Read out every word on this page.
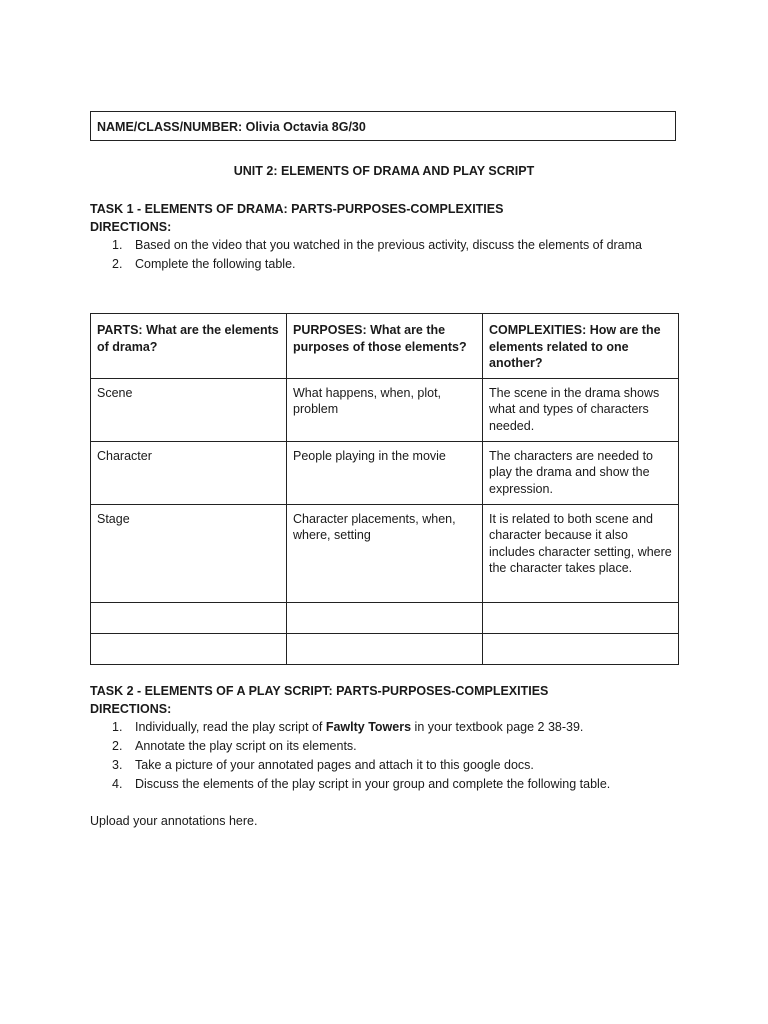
NAME/CLASS/NUMBER: Olivia Octavia 8G/30
UNIT 2: ELEMENTS OF DRAMA AND PLAY SCRIPT
TASK 1 - ELEMENTS OF DRAMA: PARTS-PURPOSES-COMPLEXITIES
DIRECTIONS:
1. Based on the video that you watched in the previous activity, discuss the elements of drama
2. Complete the following table.
PARTS: What are the elements of drama?	PURPOSES: What are the purposes of those elements?	COMPLEXITIES: How are the elements related to one another?
Scene	What happens, when, plot, problem	The scene in the drama shows what and types of characters needed.
Character	People playing in the movie	The characters are needed to play the drama and show the expression.
Stage	Character placements, when, where, setting	It is related to both scene and character because it also includes character setting, where the character takes place.

TASK 2 - ELEMENTS OF A PLAY SCRIPT: PARTS-PURPOSES-COMPLEXITIES
DIRECTIONS:
1. Individually, read the play script of Fawlty Towers in your textbook page 2 38-39.
2. Annotate the play script on its elements.
3. Take a picture of your annotated pages and attach it to this google docs.
4. Discuss the elements of the play script in your group and complete the following table.
Upload your annotations here.
